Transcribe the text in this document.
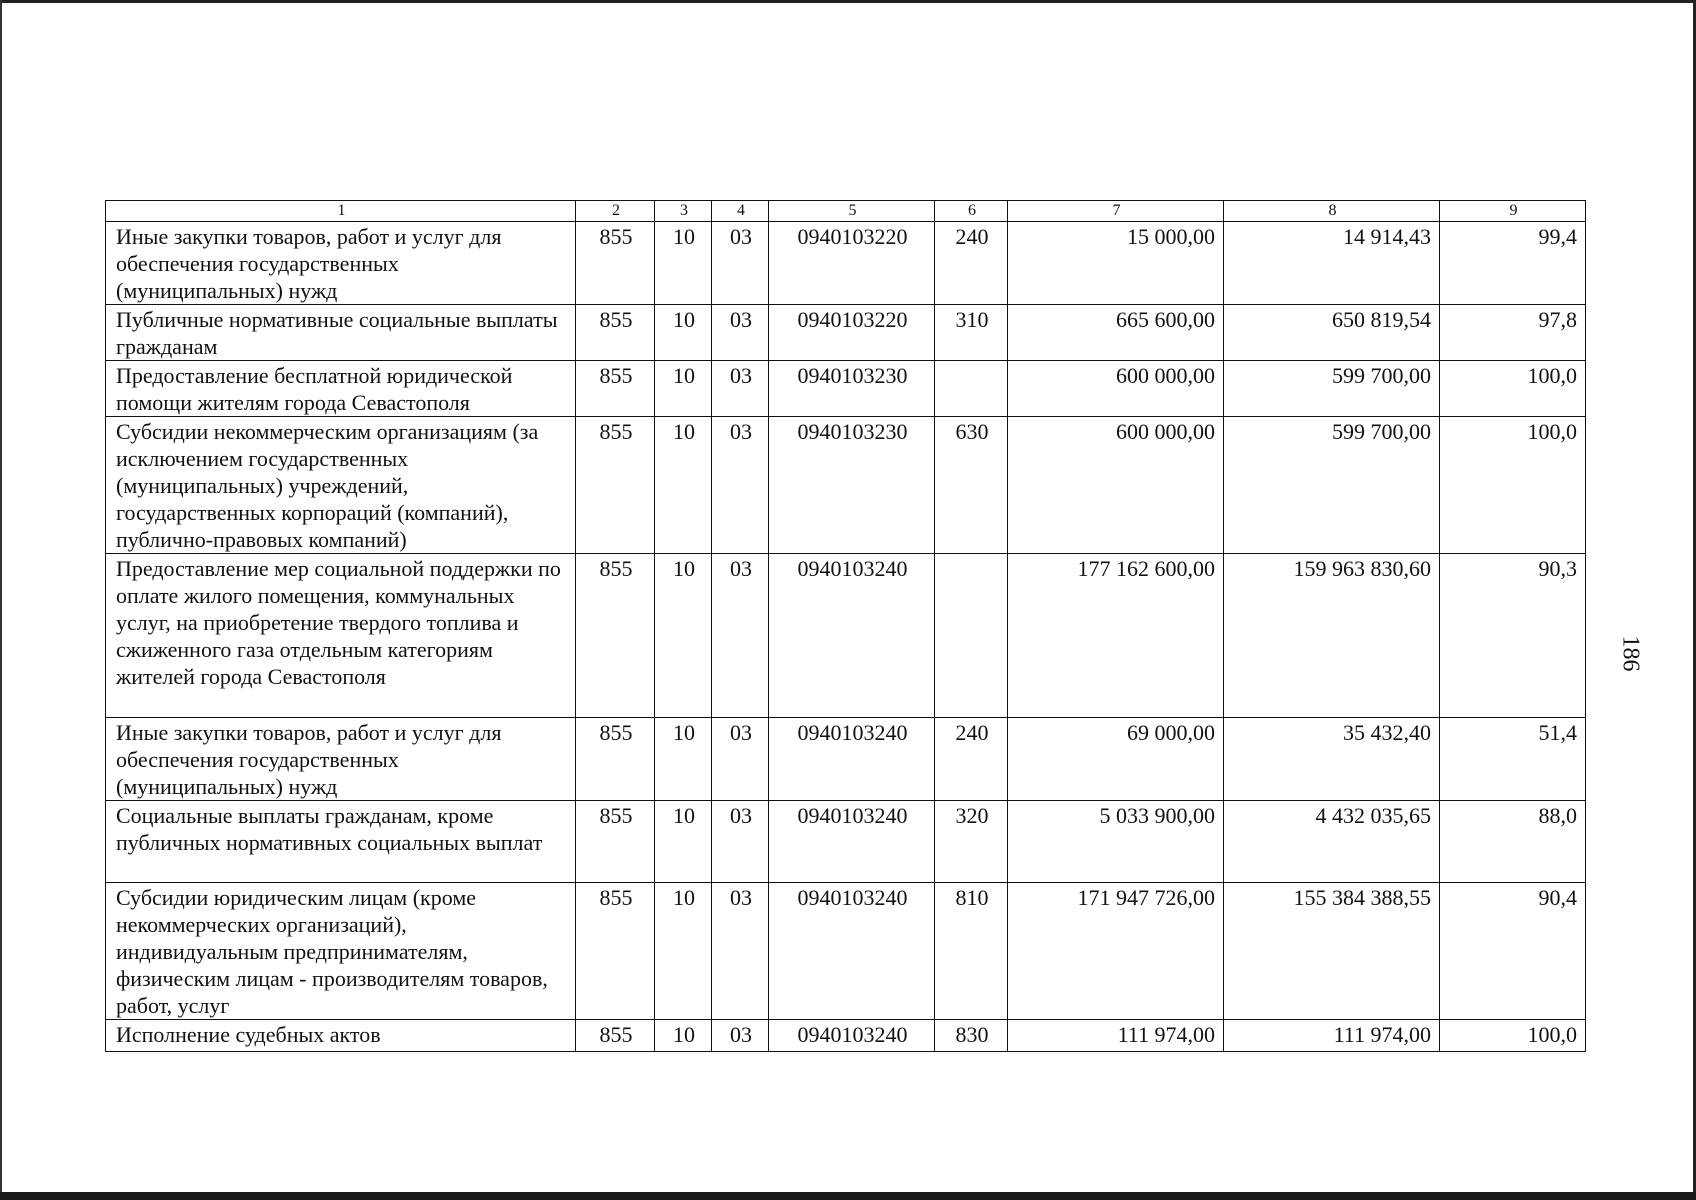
1	2	3	4	5	6	7	8	9
Иные закупки товаров, работ и услуг для обеспечения государственных (муниципальных) нужд	855	10	03	0940103220	240	15 000,00	14 914,43	99,4
Публичные нормативные социальные выплаты гражданам	855	10	03	0940103220	310	665 600,00	650 819,54	97,8
Предоставление бесплатной юридической помощи жителям города Севастополя	855	10	03	0940103230		600 000,00	599 700,00	100,0
Субсидии некоммерческим организациям (за исключением государственных (муниципальных) учреждений, государственных корпораций (компаний), публично-правовых компаний)	855	10	03	0940103230	630	600 000,00	599 700,00	100,0
Предоставление мер социальной поддержки по оплате жилого помещения, коммунальных услуг, на приобретение твердого топлива и сжиженного газа отдельным категориям жителей города Севастополя	855	10	03	0940103240		177 162 600,00	159 963 830,60	90,3
Иные закупки товаров, работ и услуг для обеспечения государственных (муниципальных) нужд	855	10	03	0940103240	240	69 000,00	35 432,40	51,4
Социальные выплаты гражданам, кроме публичных нормативных социальных выплат	855	10	03	0940103240	320	5 033 900,00	4 432 035,65	88,0
Субсидии юридическим лицам (кроме некоммерческих организаций), индивидуальным предпринимателям, физическим лицам - производителям товаров, работ, услуг	855	10	03	0940103240	810	171 947 726,00	155 384 388,55	90,4
Исполнение судебных актов	855	10	03	0940103240	830	111 974,00	111 974,00	100,0
186
